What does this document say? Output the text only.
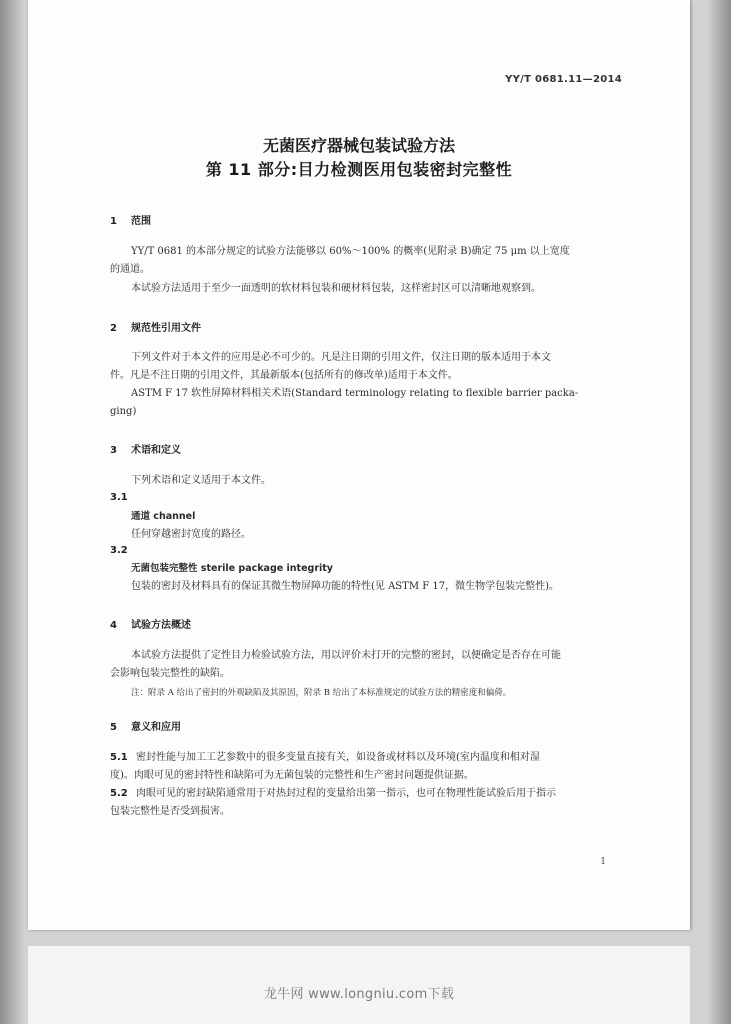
YY/T 0681.11—2014
无菌医疗器械包装试验方法
第 11 部分:目力检测医用包装密封完整性
1 范围
YY/T 0681 的本部分规定的试验方法能够以 60%～100% 的概率(见附录 B)确定 75 μm 以上宽度
的通道。
本试验方法适用于至少一面透明的软材料包装和硬材料包装，这样密封区可以清晰地观察到。
2 规范性引用文件
下列文件对于本文件的应用是必不可少的。凡是注日期的引用文件，仅注日期的版本适用于本文
件。凡是不注日期的引用文件，其最新版本(包括所有的修改单)适用于本文件。
ASTM F 17 软性屏障材料相关术语(Standard terminology relating to flexible barrier packa-
ging)
3 术语和定义
下列术语和定义适用于本文件。
3.1
通道 channel
任何穿越密封宽度的路径。
3.2
无菌包装完整性 sterile package integrity
包装的密封及材料具有的保证其微生物屏障功能的特性(见 ASTM F 17，微生物学包装完整性)。
4 试验方法概述
本试验方法提供了定性目力检验试验方法，用以评价未打开的完整的密封，以便确定是否存在可能
会影响包装完整性的缺陷。
注：附录 A 给出了密封的外观缺陷及其原因，附录 B 给出了本标准规定的试验方法的精密度和偏倚。
5 意义和应用
5.1 密封性能与加工工艺参数中的很多变量直接有关，如设备或材料以及环境(室内温度和相对湿
度)。肉眼可见的密封特性和缺陷可为无菌包装的完整性和生产密封问题提供证据。
5.2 肉眼可见的密封缺陷通常用于对热封过程的变量给出第一指示，也可在物理性能试验后用于指示
包装完整性是否受到损害。
1
龙牛网 www.longniu.com下载
